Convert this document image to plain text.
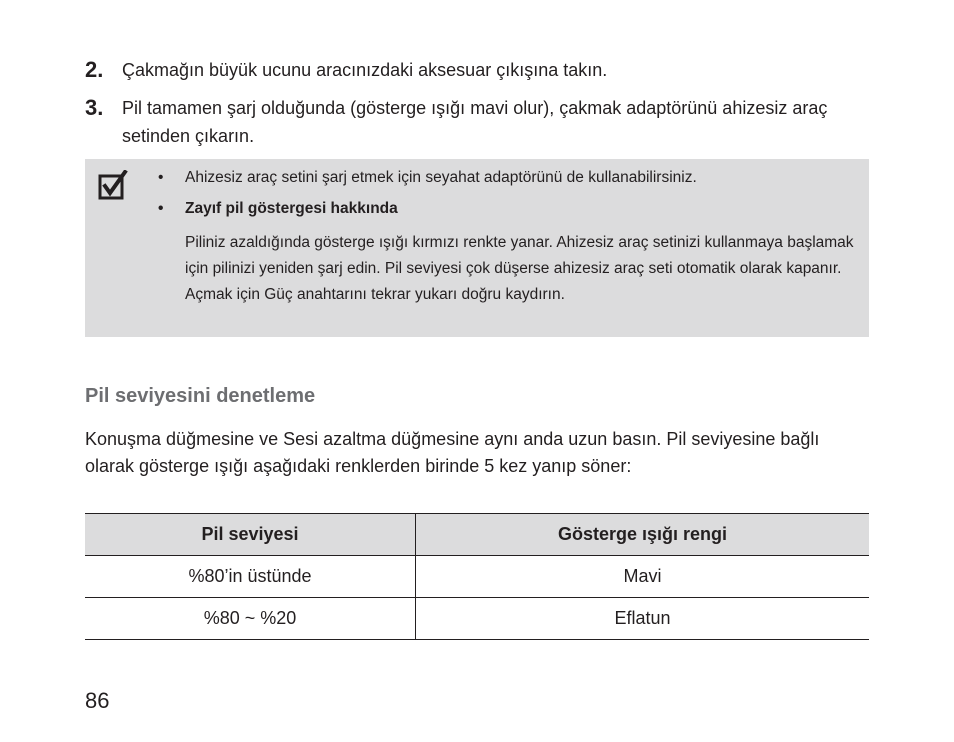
2. Çakmağın büyük ucunu aracınızdaki aksesuar çıkışına takın.
3. Pil tamamen şarj olduğunda (gösterge ışığı mavi olur), çakmak adaptörünü ahizesiz araç setinden çıkarın.
• Ahizesiz araç setini şarj etmek için seyahat adaptörünü de kullanabilirsiniz.
• Zayıf pil göstergesi hakkında
Piliniz azaldığında gösterge ışığı kırmızı renkte yanar. Ahizesiz araç setinizi kullanmaya başlamak için pilinizi yeniden şarj edin. Pil seviyesi çok düşerse ahizesiz araç seti otomatik olarak kapanır. Açmak için Güç anahtarını tekrar yukarı doğru kaydırın.
Pil seviyesini denetleme
Konuşma düğmesine ve Sesi azaltma düğmesine aynı anda uzun basın. Pil seviyesine bağlı olarak gösterge ışığı aşağıdaki renklerden birinde 5 kez yanıp söner:
Pil seviyesi	Gösterge ışığı rengi
%80’in üstünde	Mavi
%80 ~ %20	Eflatun
86
